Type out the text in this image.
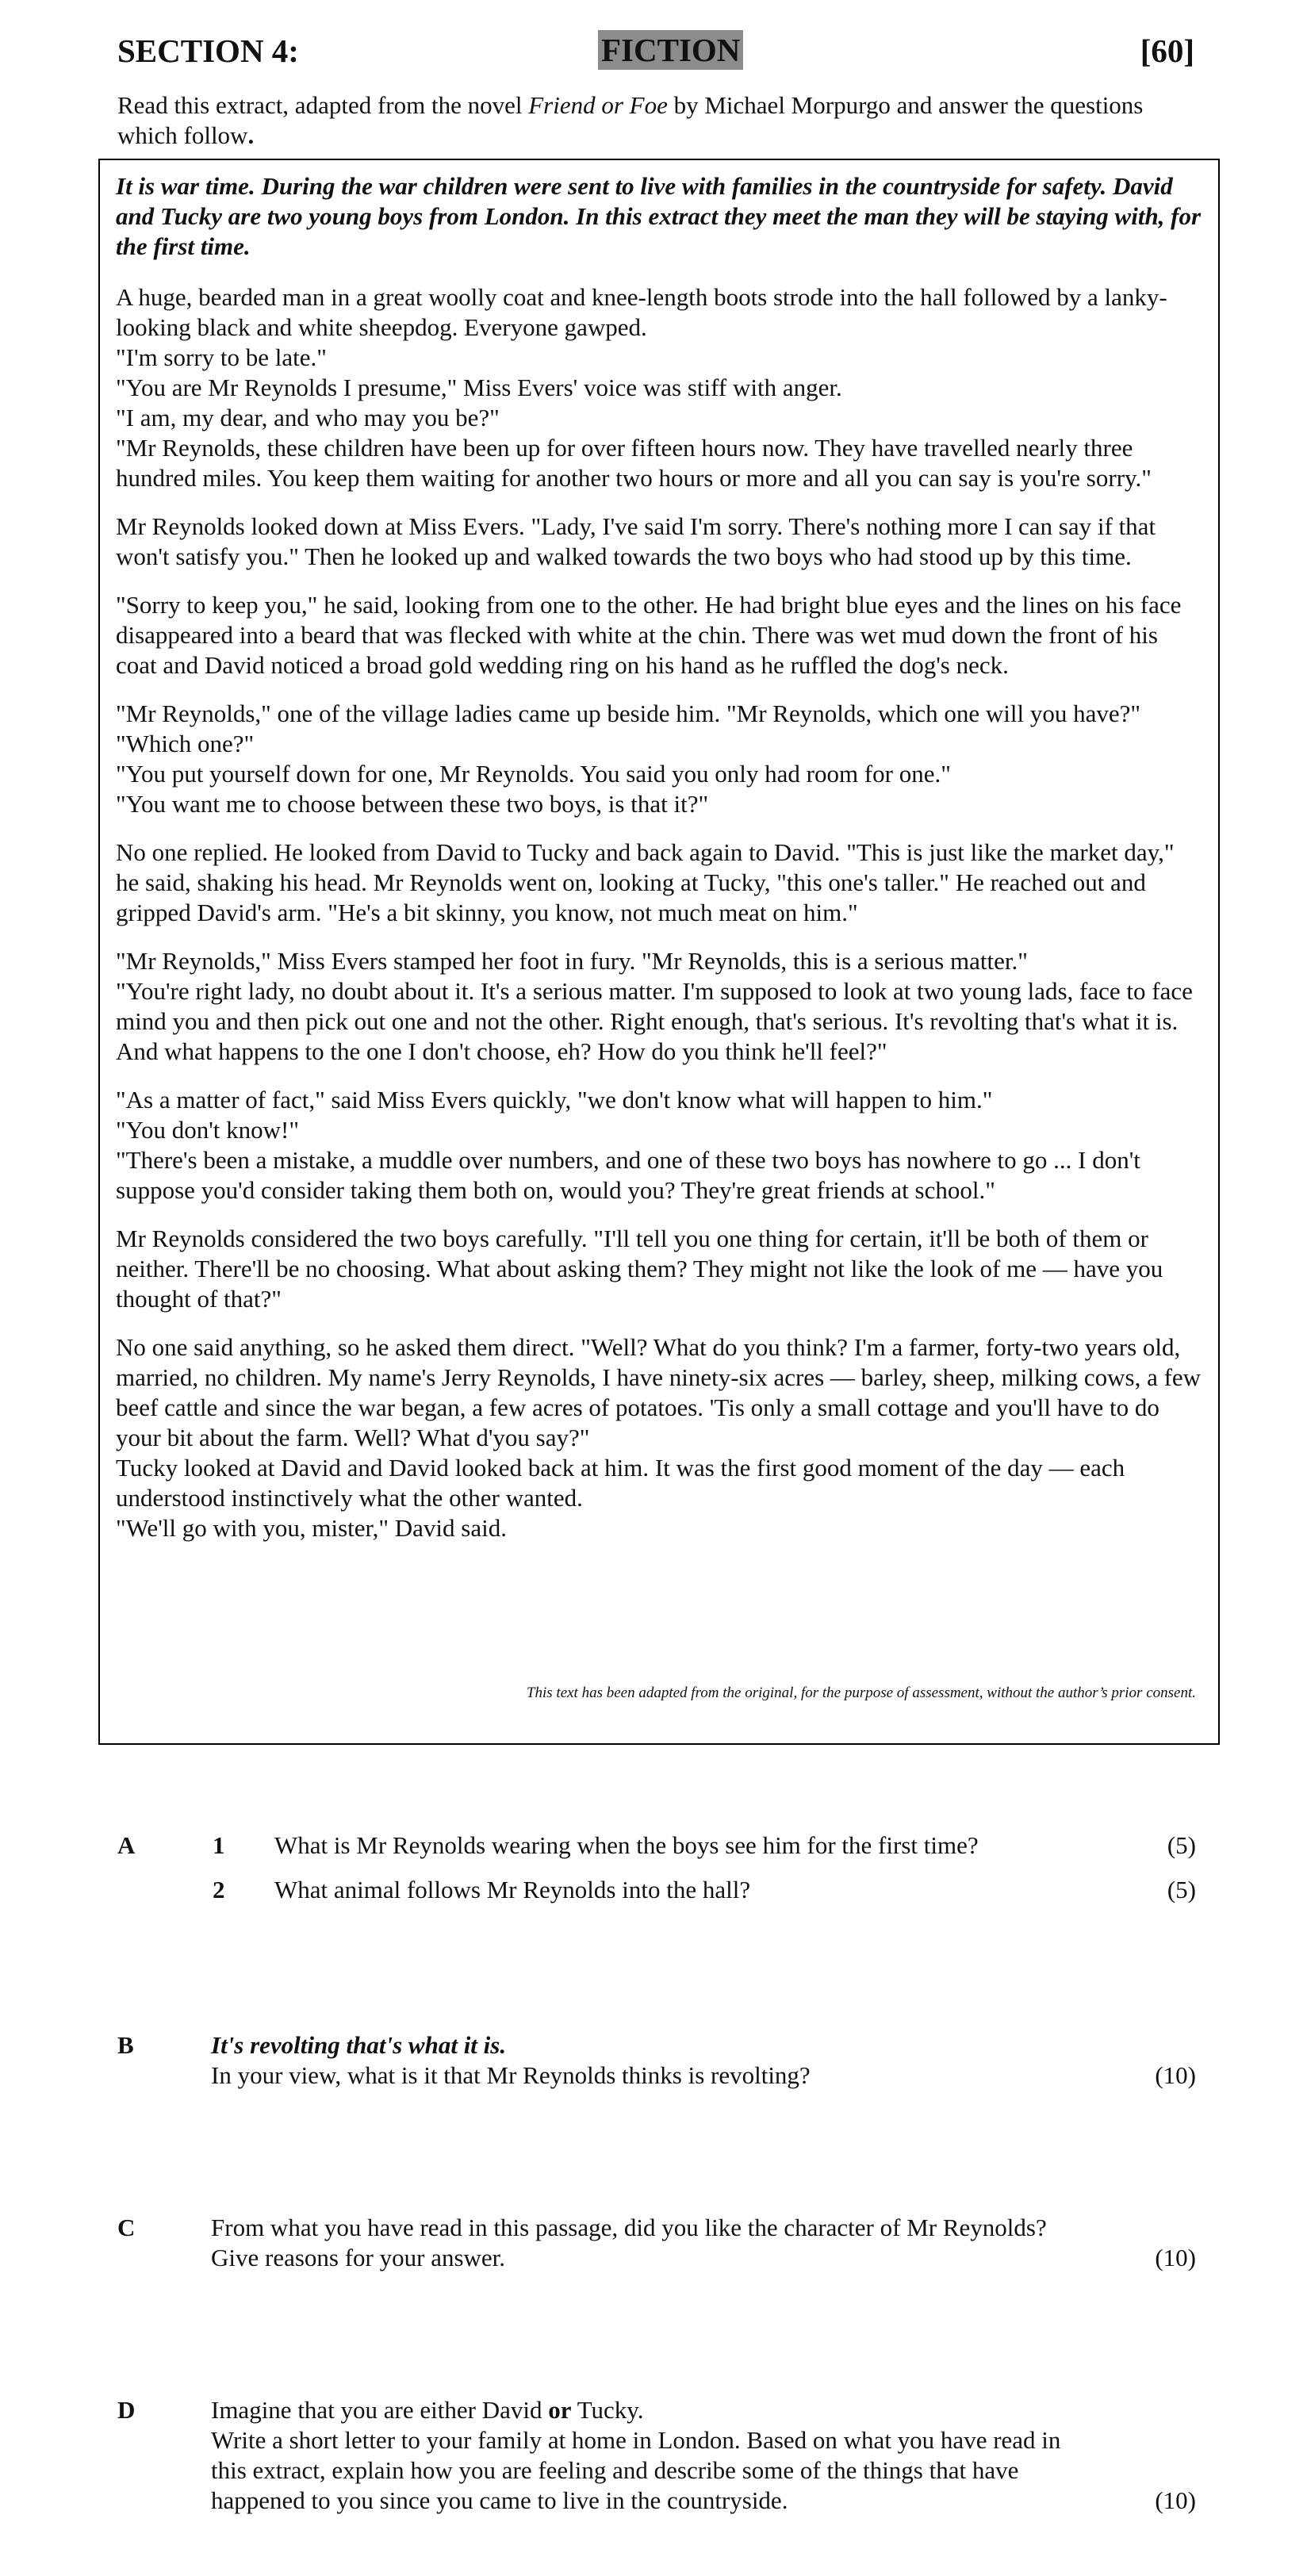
SECTION 4:	FICTION	[60]
Read this extract, adapted from the novel Friend or Foe by Michael Morpurgo and answer the questions which follow.

It is war time. During the war children were sent to live with families in the countryside for safety. David and Tucky are two young boys from London. In this extract they meet the man they will be staying with, for the first time.

A huge, bearded man in a great woolly coat and knee-length boots strode into the hall followed by a lanky-looking black and white sheepdog. Everyone gawped.
"I'm sorry to be late."
"You are Mr Reynolds I presume," Miss Evers' voice was stiff with anger.
"I am, my dear, and who may you be?"
"Mr Reynolds, these children have been up for over fifteen hours now. They have travelled nearly three hundred miles. You keep them waiting for another two hours or more and all you can say is you're sorry."

Mr Reynolds looked down at Miss Evers. "Lady, I've said I'm sorry. There's nothing more I can say if that won't satisfy you." Then he looked up and walked towards the two boys who had stood up by this time.

"Sorry to keep you," he said, looking from one to the other. He had bright blue eyes and the lines on his face disappeared into a beard that was flecked with white at the chin. There was wet mud down the front of his coat and David noticed a broad gold wedding ring on his hand as he ruffled the dog's neck.

"Mr Reynolds," one of the village ladies came up beside him. "Mr Reynolds, which one will you have?"
"Which one?"
"You put yourself down for one, Mr Reynolds. You said you only had room for one."
"You want me to choose between these two boys, is that it?"

No one replied. He looked from David to Tucky and back again to David. "This is just like the market day," he said, shaking his head. Mr Reynolds went on, looking at Tucky, "this one's taller." He reached out and gripped David's arm. "He's a bit skinny, you know, not much meat on him."

"Mr Reynolds," Miss Evers stamped her foot in fury. "Mr Reynolds, this is a serious matter."
"You're right lady, no doubt about it. It's a serious matter. I'm supposed to look at two young lads, face to face mind you and then pick out one and not the other. Right enough, that's serious. It's revolting that's what it is. And what happens to the one I don't choose, eh? How do you think he'll feel?"

"As a matter of fact," said Miss Evers quickly, "we don't know what will happen to him."
"You don't know!"
"There's been a mistake, a muddle over numbers, and one of these two boys has nowhere to go ... I don't suppose you'd consider taking them both on, would you? They're great friends at school."

Mr Reynolds considered the two boys carefully. "I'll tell you one thing for certain, it'll be both of them or neither. There'll be no choosing. What about asking them? They might not like the look of me — have you thought of that?"

No one said anything, so he asked them direct. "Well? What do you think? I'm a farmer, forty-two years old, married, no children. My name's Jerry Reynolds, I have ninety-six acres — barley, sheep, milking cows, a few beef cattle and since the war began, a few acres of potatoes. 'Tis only a small cottage and you'll have to do your bit about the farm. Well? What d'you say?"
Tucky looked at David and David looked back at him. It was the first good moment of the day — each understood instinctively what the other wanted.
"We'll go with you, mister," David said.

This text has been adapted from the original, for the purpose of assessment, without the author’s prior consent.
A	1 What is Mr Reynolds wearing when the boys see him for the first time?	(5)
2 What animal follows Mr Reynolds into the hall?	(5)
B	It's revolting that's what it is.
In your view, what is it that Mr Reynolds thinks is revolting?	(10)
C	From what you have read in this passage, did you like the character of Mr Reynolds?
Give reasons for your answer.	(10)
D	Imagine that you are either David or Tucky.
Write a short letter to your family at home in London. Based on what you have read in this extract, explain how you are feeling and describe some of the things that have happened to you since you came to live in the countryside.	(10)
